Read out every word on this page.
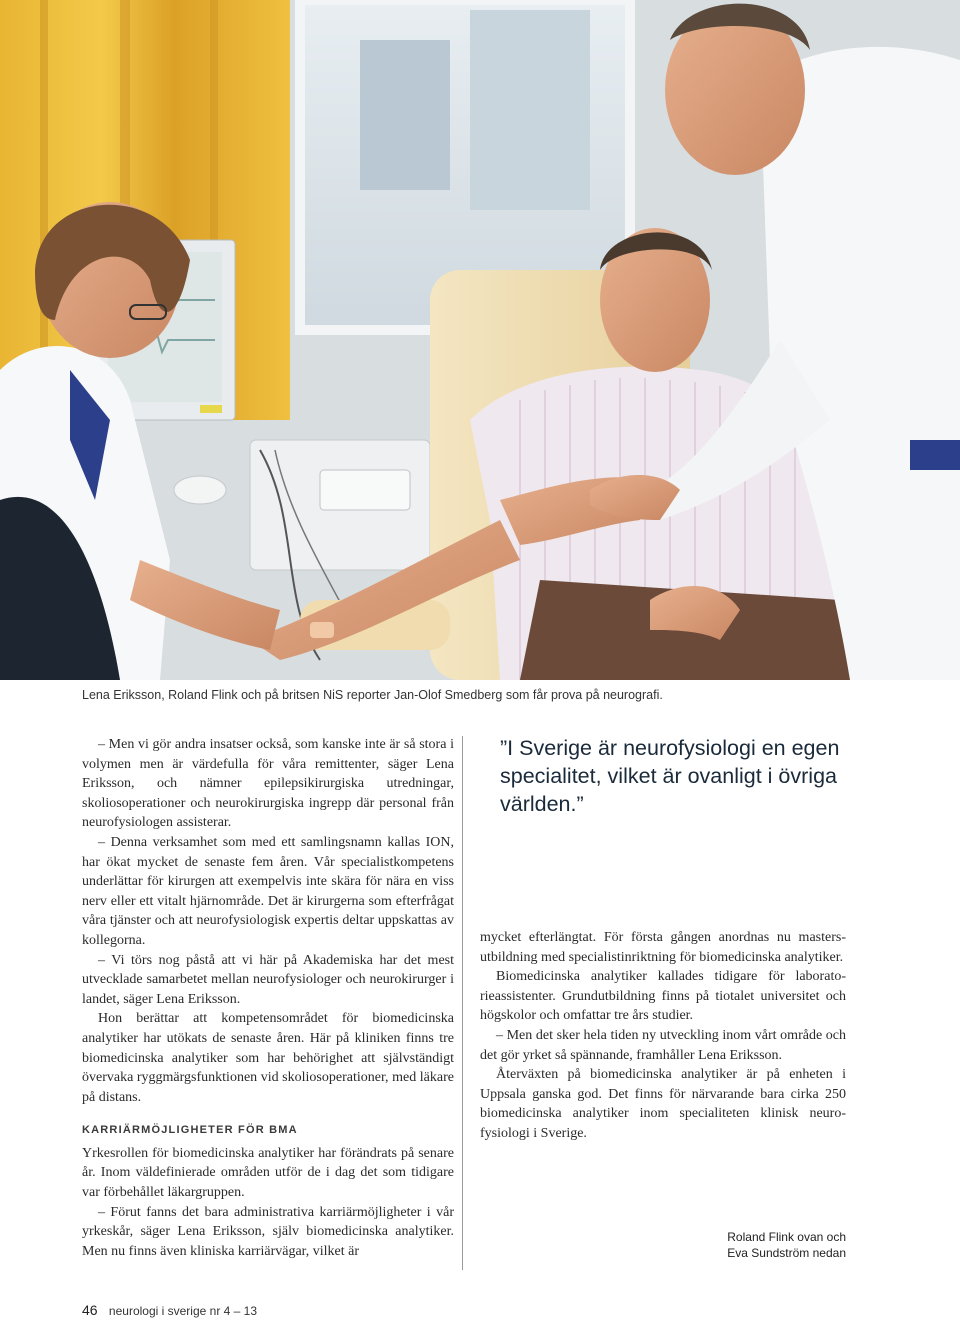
Lena Eriksson, Roland Flink och på britsen NiS reporter Jan-Olof Smedberg som får prova på neurografi.

– Men vi gör andra insatser också, som kanske inte är så stora i volymen men är värdefulla för våra remittenter, säger Lena Eriksson, och nämner epilepsikirurgiska utredningar, skoliosoperationer och neurokirurgiska ingrepp där personal från neurofysiologen assisterar.

– Denna verksamhet som med ett samlingsnamn kallas ION, har ökat mycket de senaste fem åren. Vår specialistkompetens underlättar för kirurgen att exempelvis inte skära för nära en viss nerv eller ett vitalt hjärnområde. Det är kirurgerna som efterfrågat våra tjänster och att neurofysiologisk expertis deltar uppskattas av kollegorna.

– Vi törs nog påstå att vi här på Akademiska har det mest utvecklade samarbetet mellan neurofysiologer och neurokirurger i landet, säger Lena Eriksson.

Hon berättar att kompetensområdet för biomedicinska analytiker har utökats de senaste åren. Här på kliniken finns tre biomedicinska analytiker som har behörighet att självständigt övervaka ryggmärgsfunktionen vid skoliosoperationer, med läkare på distans.

KARRIÄRMÖJLIGHETER FÖR BMA

Yrkesrollen för biomedicinska analytiker har förändrats på senare år. Inom väldefinierade områden utför de i dag det som tidigare var förbehållet läkargruppen.

– Förut fanns det bara administrativa karriärmöjligheter i vår yrkeskår, säger Lena Eriksson, själv biomedicinska analytiker. Men nu finns även kliniska karriärvägar, vilket är

”I Sverige är neurofysiologi en egen specialitet, vilket är ovanligt i övriga världen.”

mycket efterlängtat. För första gången anordnas nu mastersutbildning med specialistinriktning för biomedicinska analytiker.

Biomedicinska analytiker kallades tidigare för laboratorieassistenter. Grundutbildning finns på tiotalet universitet och högskolor och omfattar tre års studier.

– Men det sker hela tiden ny utveckling inom vårt område och det gör yrket så spännande, framhåller Lena Eriksson.

Återväxten på biomedicinska analytiker är på enheten i Uppsala ganska god. Det finns för närvarande bara cirka 250 biomedicinska analytiker inom specialiteten klinisk neurofysiologi i Sverige.

Roland Flink ovan och
Eva Sundström nedan
46 neurologi i sverige nr 4 – 13
